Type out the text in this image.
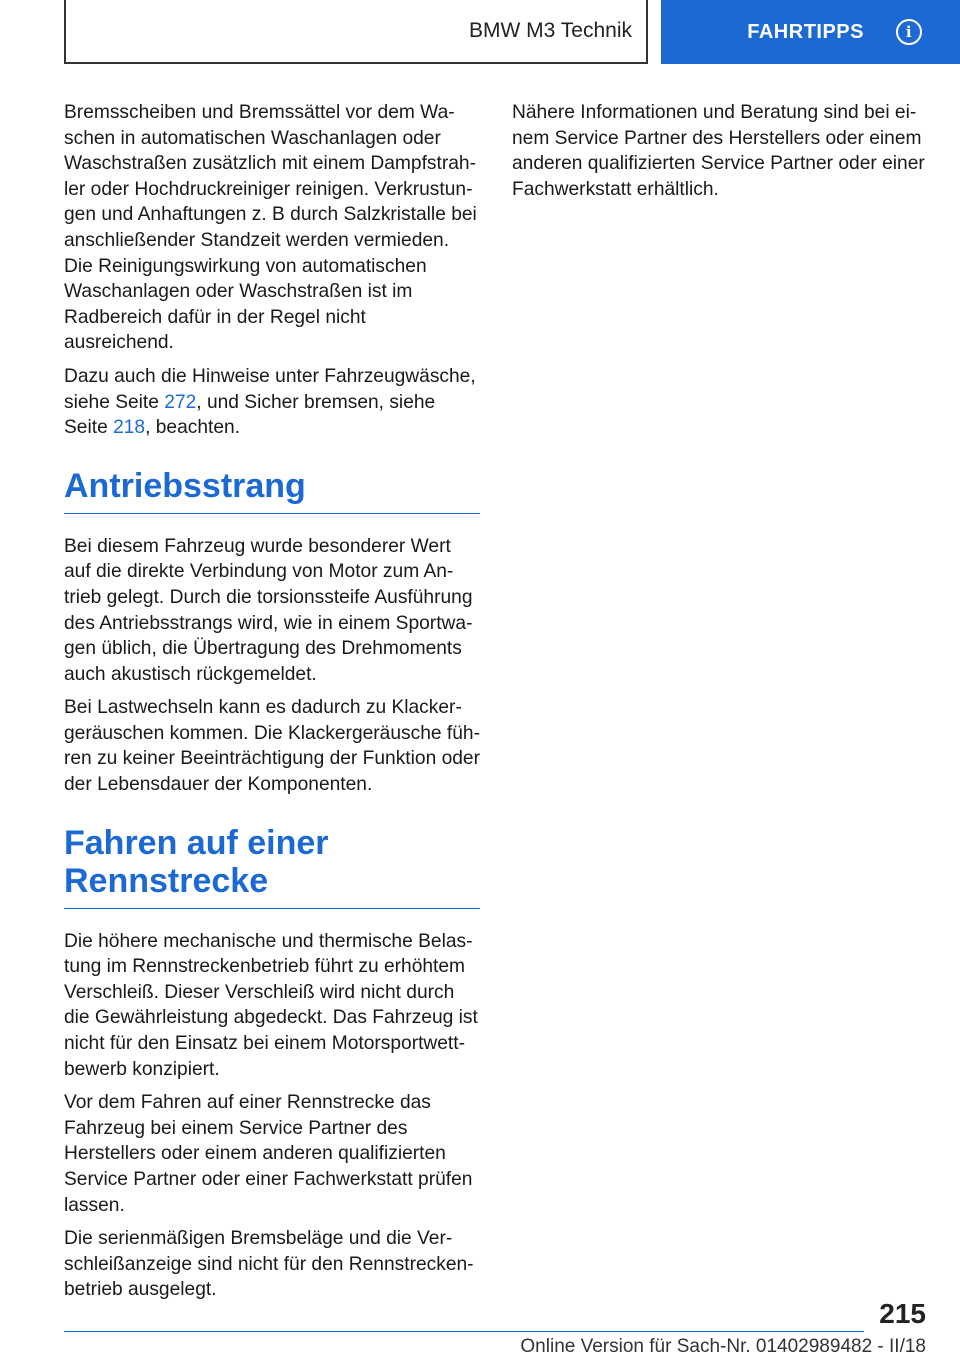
BMW M3 Technik	FAHRTIPPS	i

Bremsscheiben und Bremssättel vor dem Waschen in automatischen Waschanlagen oder Waschstraßen zusätzlich mit einem Dampfstrahler oder Hochdruckreiniger reinigen. Verkrustungen und Anhaftungen z. B durch Salzkristalle bei anschließender Standzeit werden vermieden. Die Reinigungswirkung von automatischen Waschanlagen oder Waschstraßen ist im Radbereich dafür in der Regel nicht ausreichend.

Dazu auch die Hinweise unter Fahrzeugwäsche, siehe Seite 272, und Sicher bremsen, siehe Seite 218, beachten.

Antriebsstrang

Bei diesem Fahrzeug wurde besonderer Wert auf die direkte Verbindung von Motor zum Antrieb gelegt. Durch die torsionssteife Ausführung des Antriebsstrangs wird, wie in einem Sportwagen üblich, die Übertragung des Drehmoments auch akustisch rückgemeldet.

Bei Lastwechseln kann es dadurch zu Klackergeräuschen kommen. Die Klackergeräusche führen zu keiner Beeinträchtigung der Funktion oder der Lebensdauer der Komponenten.

Fahren auf einer
Rennstrecke

Die höhere mechanische und thermische Belastung im Rennstreckenbetrieb führt zu erhöhtem Verschleiß. Dieser Verschleiß wird nicht durch die Gewährleistung abgedeckt. Das Fahrzeug ist nicht für den Einsatz bei einem Motorsportwettbewerb konzipiert.

Vor dem Fahren auf einer Rennstrecke das Fahrzeug bei einem Service Partner des Herstellers oder einem anderen qualifizierten Service Partner oder einer Fachwerkstatt prüfen lassen.

Die serienmäßigen Bremsbeläge und die Verschleißanzeige sind nicht für den Rennstreckenbetrieb ausgelegt.

Nähere Informationen und Beratung sind bei einem Service Partner des Herstellers oder einem anderen qualifizierten Service Partner oder einer Fachwerkstatt erhältlich.

215
Online Version für Sach-Nr. 01402989482 - II/18
